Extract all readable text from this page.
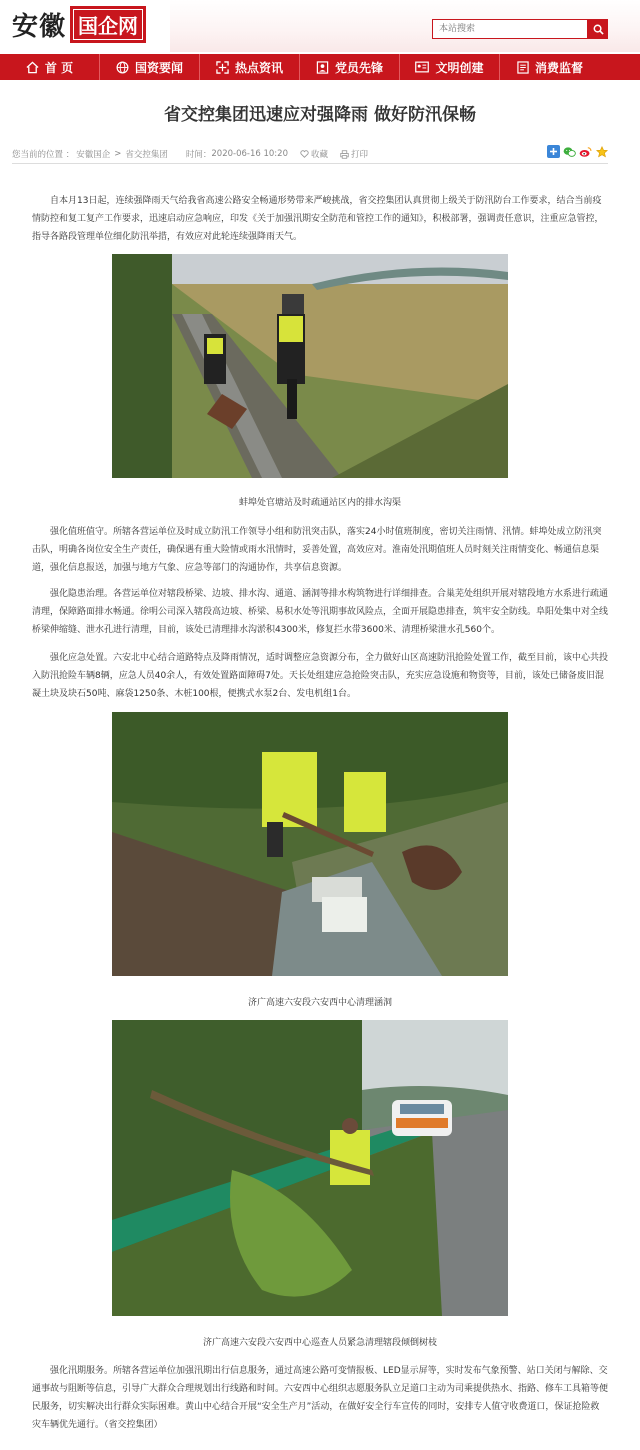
安徽 国企网
本站搜索
首 页	国资要闻	热点资讯	党员先锋	文明创建	消费监督
省交控集团迅速应对强降雨 做好防汛保畅
您当前的位置 ： 安徽国企 > 省交控集团 时间： 2020-06-16 10:20	收藏	打印
自本月13日起，连续强降雨天气给我省高速公路安全畅通形势带来严峻挑战，省交控集团认真贯彻上级关于防汛防台工作要求，结合当前疫情防控和复工复产工作要求，迅速启动应急响应，印发《关于加强汛期安全防范和管控工作的通知》，积极部署，强调责任意识，注重应急管控，指导各路段管理单位细化防汛举措，有效应对此轮连续强降雨天气。
蚌埠处官塘站及时疏通站区内的排水沟渠
强化值班值守。所辖各营运单位及时成立防汛工作领导小组和防汛突击队，落实24小时值班制度，密切关注雨情、汛情。蚌埠处成立防汛突击队，明确各岗位安全生产责任，确保遇有重大险情或雨水汛情时，妥善处置，高效应对。淮南处汛期值班人员时刻关注雨情变化、畅通信息渠道，强化信息报送，加强与地方气象、应急等部门的沟通协作，共享信息资源。
强化隐患治理。各营运单位对辖段桥梁、边坡、排水沟、通道、涵洞等排水构筑物进行详细排查。合巢芜处组织开展对辖段地方水系进行疏通清理，保障路面排水畅通。徐明公司深入辖段高边坡、桥梁、易积水处等汛期事故风险点，全面开展隐患排查，筑牢安全防线。阜阳处集中对全线桥梁伸缩缝、泄水孔进行清理，目前，该处已清理排水沟淤积4300米，修复拦水带3600米、清理桥梁泄水孔560个。
强化应急处置。六安北中心结合道路特点及降雨情况，适时调整应急资源分布，全力做好山区高速防汛抢险处置工作，截至目前，该中心共投入防汛抢险车辆8辆，应急人员40余人，有效处置路面障碍7处。天长处组建应急抢险突击队，充实应急设施和物资等，目前，该处已储备废旧混凝土块及块石50吨、麻袋1250条、木桩100根，便携式水泵2台、发电机组1台。
济广高速六安段六安西中心清理涵洞
济广高速六安段六安西中心巡查人员紧急清理辖段倾倒树枝
强化汛期服务。所辖各营运单位加强汛期出行信息服务，通过高速公路可变情报板、LED显示屏等，实时发布气象预警、站口关闭与解除、交通事故与阻断等信息，引导广大群众合理规划出行线路和时间。六安西中心组织志愿服务队立足道口主动为司乘提供热水、指路、修车工具箱等便民服务，切实解决出行群众实际困难。黄山中心结合开展“安全生产月”活动，在做好安全行车宣传的同时，安排专人值守收费道口，保证抢险救灾车辆优先通行。（省交控集团）
